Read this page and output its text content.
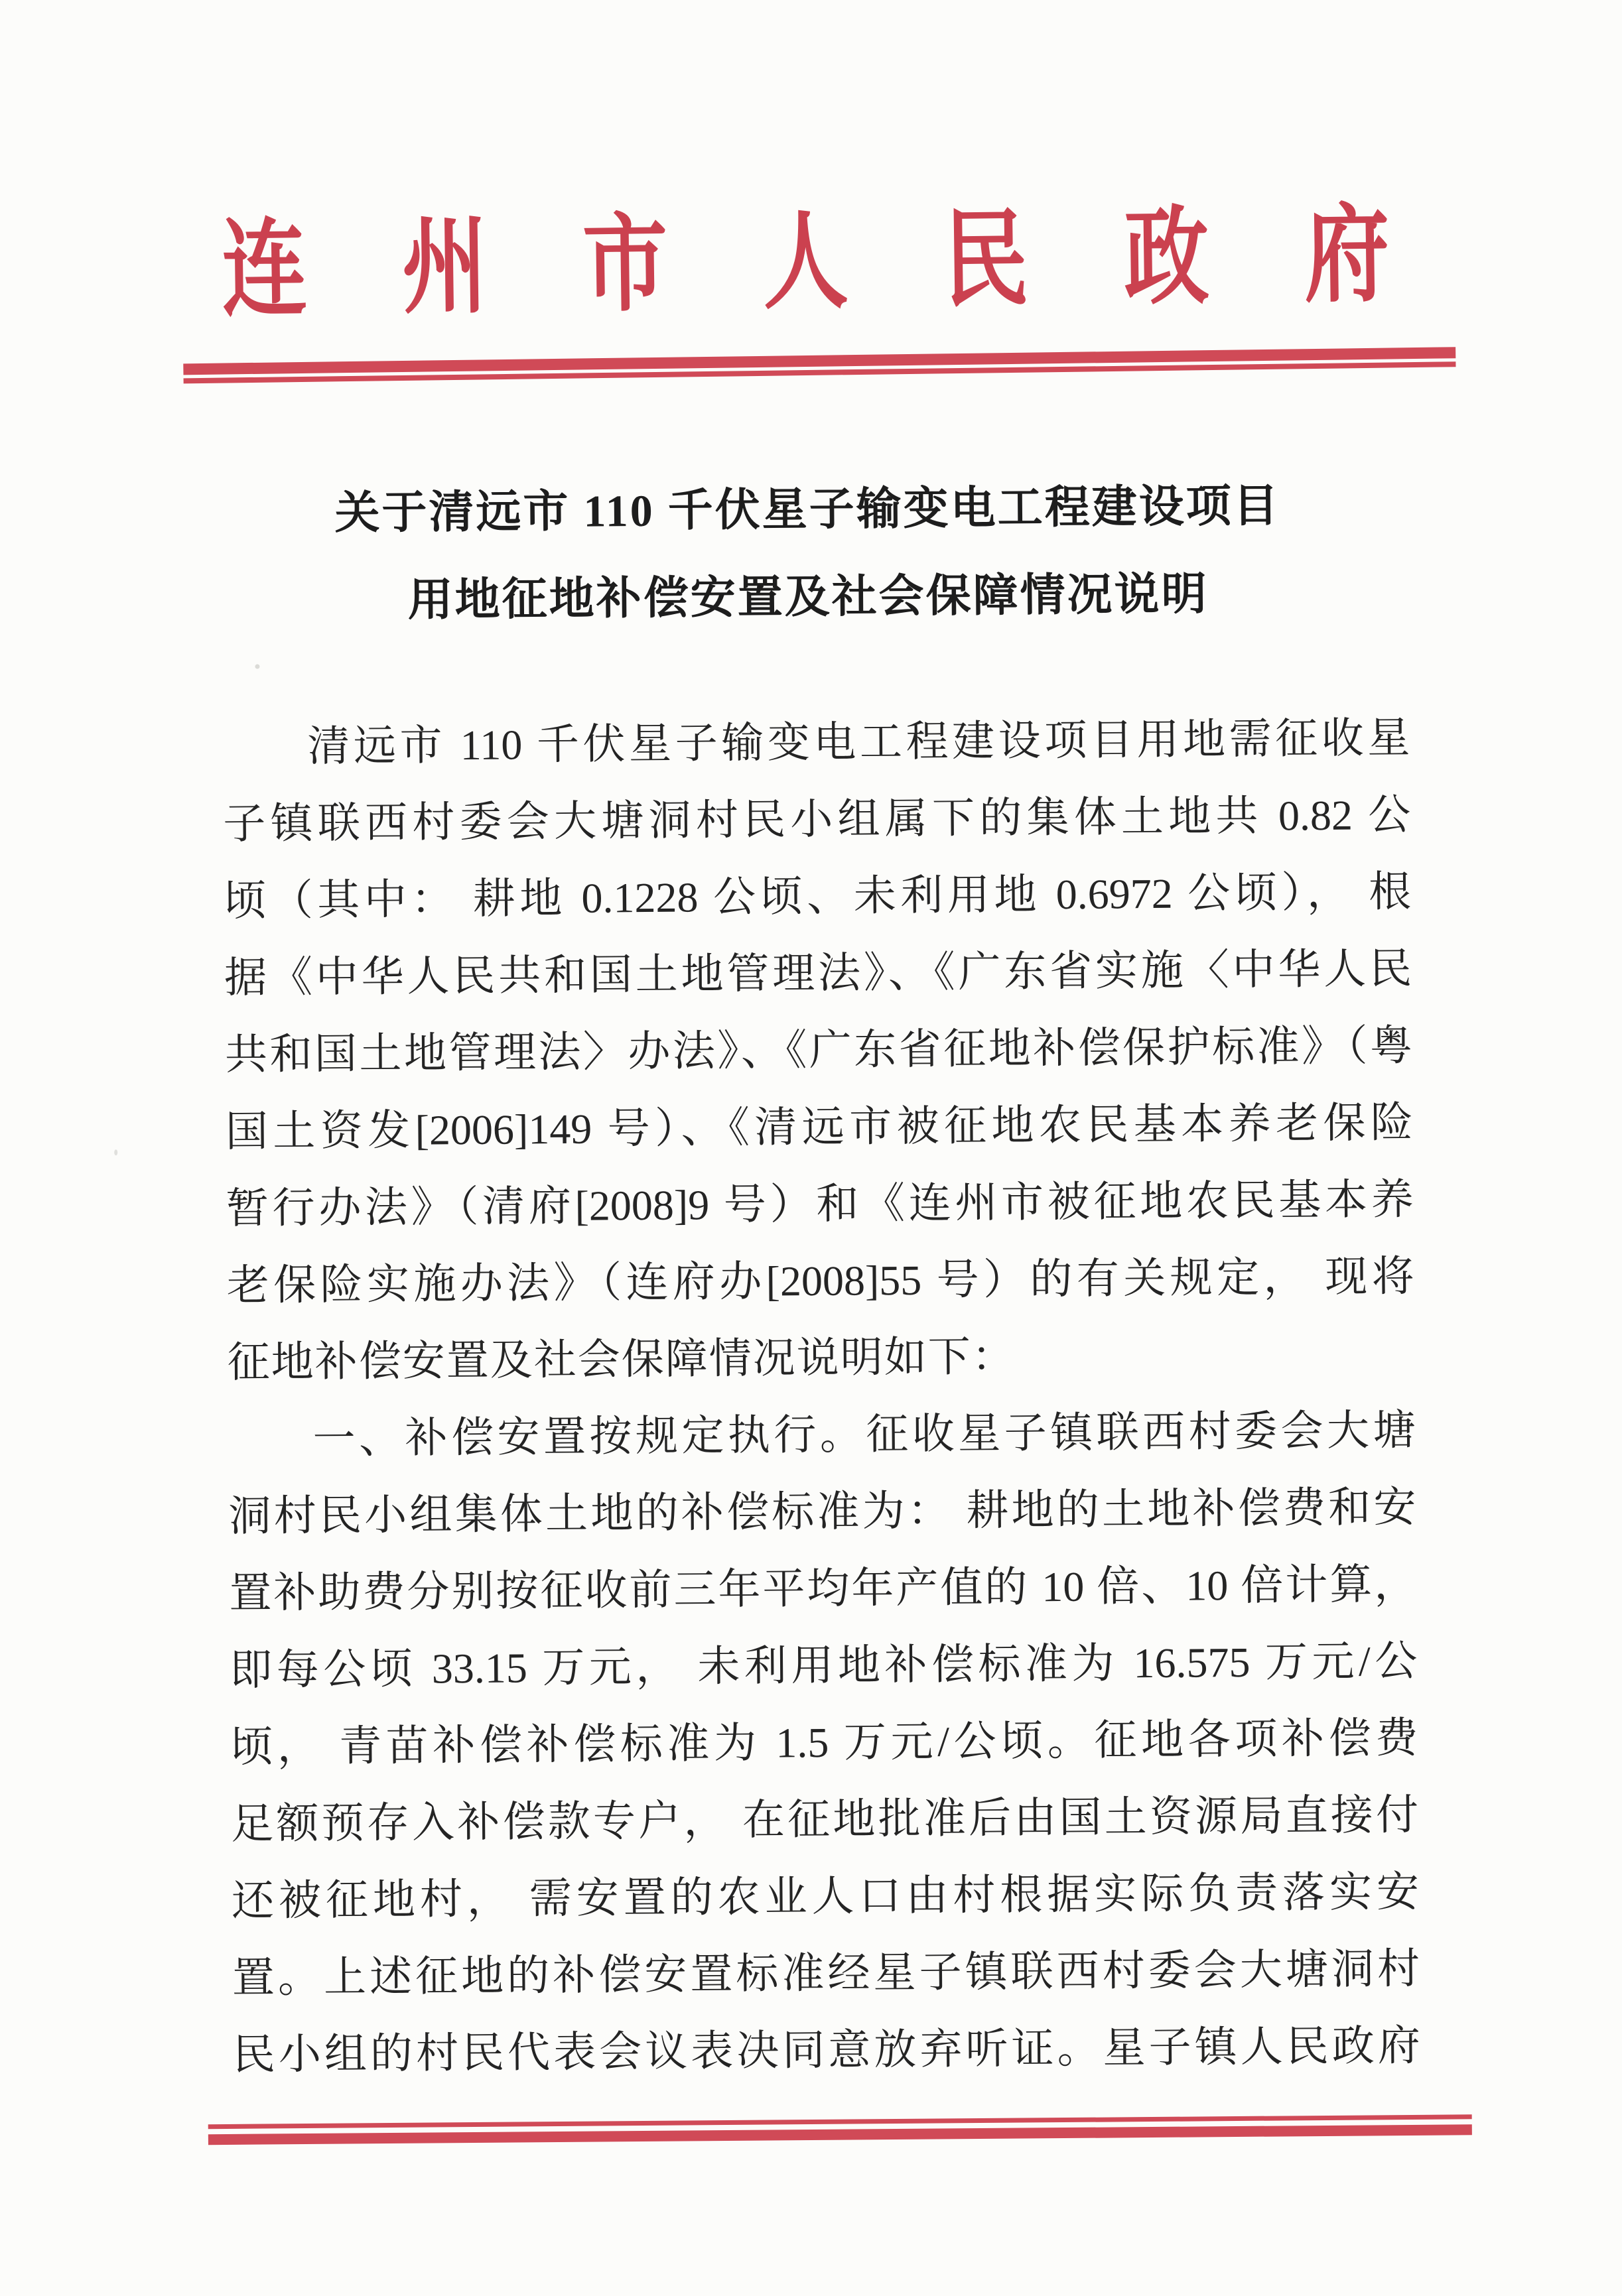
连 州 市 人 民 政 府
关于清远市 110 千伏星子输变电工程建设项目
用地征地补偿安置及社会保障情况说明
清远市 110 千伏星子输变电工程建设项目用地需征收星
子镇联西村委会大塘洞村民小组属下的集体土地共 0.82 公
顷（其中： 耕地 0.1228 公顷、未利用地 0.6972 公顷）， 根
据《中华人民共和国土地管理法》、《广东省实施〈中华人民
共和国土地管理法〉办法》、《广东省征地补偿保护标准》（粤
国土资发[2006]149 号）、《清远市被征地农民基本养老保险
暂行办法》（清府[2008]9 号）和《连州市被征地农民基本养
老保险实施办法》（连府办[2008]55 号）的有关规定， 现将
征地补偿安置及社会保障情况说明如下：
一、补偿安置按规定执行。征收星子镇联西村委会大塘
洞村民小组集体土地的补偿标准为： 耕地的土地补偿费和安
置补助费分别按征收前三年平均年产值的 10 倍、10 倍计算，
即每公顷 33.15 万元， 未利用地补偿标准为 16.575 万元/公
顷， 青苗补偿补偿标准为 1.5 万元/公顷。征地各项补偿费
足额预存入补偿款专户， 在征地批准后由国土资源局直接付
还被征地村， 需安置的农业人口由村根据实际负责落实安
置。上述征地的补偿安置标准经星子镇联西村委会大塘洞村
民小组的村民代表会议表决同意放弃听证。星子镇人民政府
